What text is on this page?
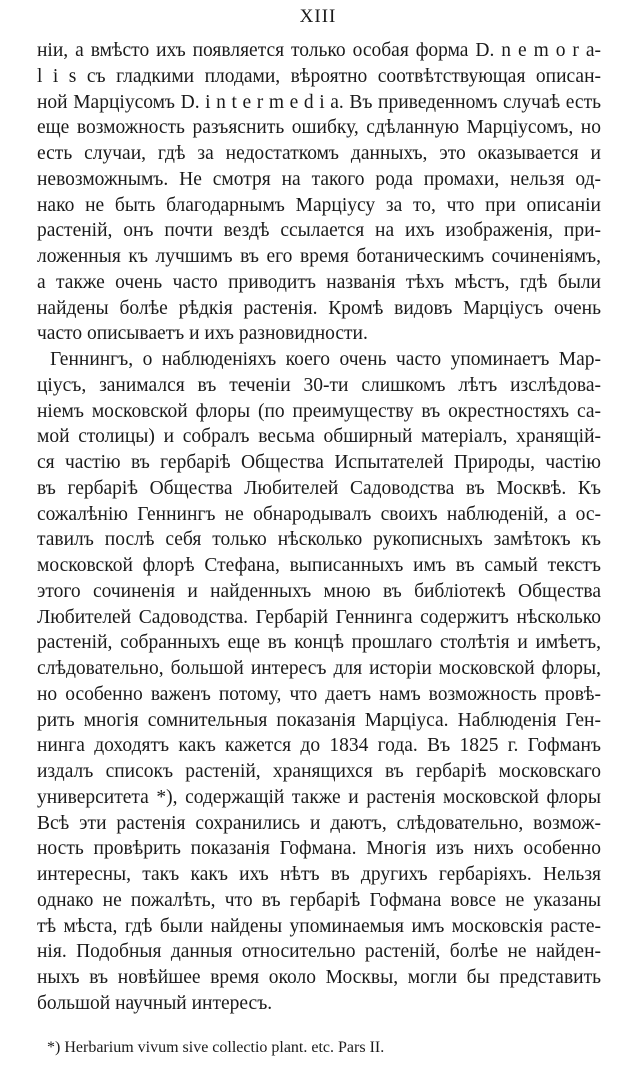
XIII
ніи, а вмѣсто ихъ появляется только особая форма D. n e m o r a-
l i s съ гладкими плодами, вѣроятно соотвѣтствующая описан-
ной Марціусомъ D. i n t e r m e d i a. Въ приведенномъ случаѣ есть
еще возможность разъяснить ошибку, сдѣланную Марціусомъ, но
есть случаи, гдѣ за недостаткомъ данныхъ, это оказывается и
невозможнымъ. Не смотря на такого рода промахи, нельзя од-
нако не быть благодарнымъ Марціусу за то, что при описаніи
растеній, онъ почти вездѣ ссылается на ихъ изображенія, при-
ложенныя къ лучшимъ въ его время ботаническимъ сочиненіямъ,
а также очень часто приводитъ названія тѣхъ мѣстъ, гдѣ были
найдены болѣе рѣдкія растенія. Кромѣ видовъ Марціусъ очень
часто описываетъ и ихъ разновидности.
Геннингъ, о наблюденіяхъ коего очень часто упоминаетъ Мар-
ціусъ, занимался въ теченіи 30-ти слишкомъ лѣтъ изслѣдова-
ніемъ московской флоры (по преимуществу въ окрестностяхъ са-
мой столицы) и собралъ весьма обширный матеріалъ, хранящій-
ся частію въ гербаріѣ Общества Испытателей Природы, частію
въ гербаріѣ Общества Любителей Садоводства въ Москвѣ. Къ
сожалѣнію Геннингъ не обнародывалъ своихъ наблюденій, а ос-
тавилъ послѣ себя только нѣсколько рукописныхъ замѣтокъ къ
московской флорѣ Стефана, выписанныхъ имъ въ самый текстъ
этого сочиненія и найденныхъ мною въ библіотекѣ Общества
Любителей Садоводства. Гербарій Геннинга содержитъ нѣсколько
растеній, собранныхъ еще въ концѣ прошлаго столѣтія и имѣетъ,
слѣдовательно, большой интересъ для исторіи московской флоры,
но особенно важенъ потому, что даетъ намъ возможность провѣ-
рить многія сомнительныя показанія Марціуса. Наблюденія Ген-
нинга доходятъ какъ кажется до 1834 года. Въ 1825 г. Гофманъ
издалъ списокъ растеній, хранящихся въ гербаріѣ московскаго
университета *), содержащій также и растенія московской флоры
Всѣ эти растенія сохранились и даютъ, слѣдовательно, возмож-
ность провѣрить показанія Гофмана. Многія изъ нихъ особенно
интересны, такъ какъ ихъ нѣтъ въ другихъ гербаріяхъ. Нельзя
однако не пожалѣть, что въ гербаріѣ Гофмана вовсе не указаны
тѣ мѣста, гдѣ были найдены упоминаемыя имъ московскія расте-
нія. Подобныя данныя относительно растеній, болѣе не найден-
ныхъ въ новѣйшее время около Москвы, могли бы представить
большой научный интересъ.
*) Herbarium vivum sive collectio plant. etc. Pars II.
